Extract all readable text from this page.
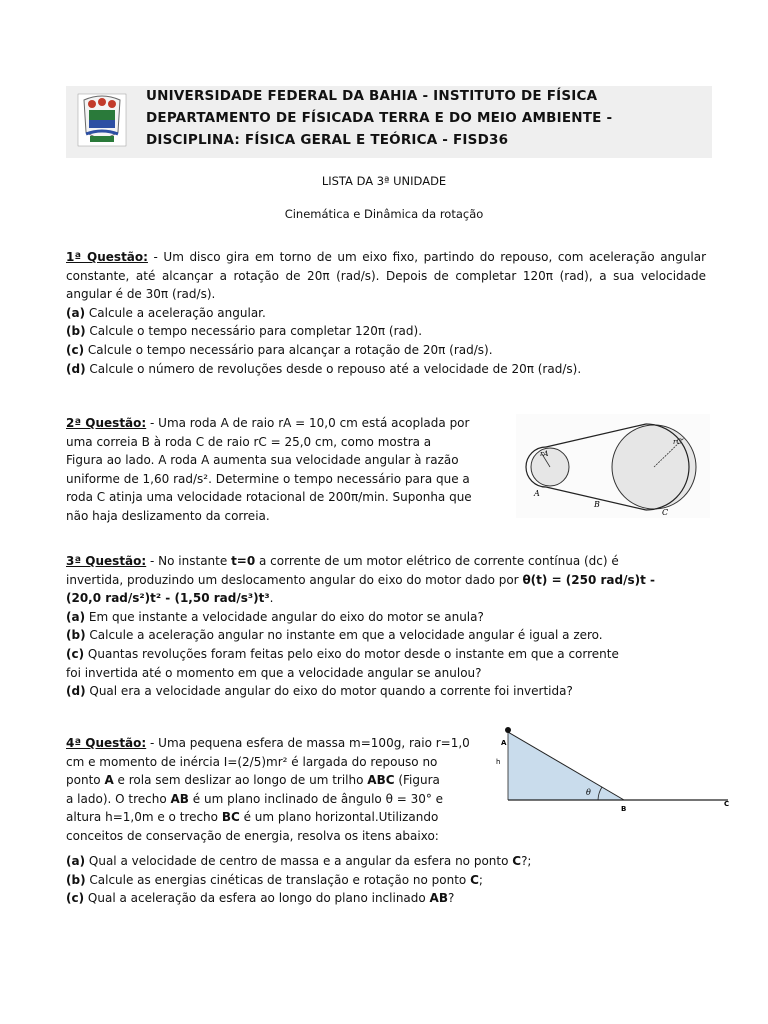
UNIVERSIDADE FEDERAL DA BAHIA - INSTITUTO DE FÍSICA
DEPARTAMENTO DE FÍSICADA TERRA E DO MEIO AMBIENTE -
DISCIPLINA: FÍSICA GERAL E TEÓRICA - FISD36
LISTA DA 3ª UNIDADE
Cinemática e Dinâmica da rotação
1ª Questão: - Um disco gira em torno de um eixo fixo, partindo do repouso, com aceleração angular constante, até alcançar a rotação de 20π (rad/s). Depois de completar 120π (rad), a sua velocidade angular é de 30π (rad/s).
(a) Calcule a aceleração angular.
(b) Calcule o tempo necessário para completar 120π (rad).
(c) Calcule o tempo necessário para alcançar a rotação de 20π (rad/s).
(d) Calcule o número de revoluções desde o repouso até a velocidade de 20π (rad/s).
2ª Questão: - Uma roda A de raio rA = 10,0 cm está acoplada por
uma correia B à roda C de raio rC = 25,0 cm, como mostra a
Figura ao lado. A roda A aumenta sua velocidade angular à razão
uniforme de 1,60 rad/s². Determine o tempo necessário para que a
roda C atinja uma velocidade rotacional de 200π/min. Suponha que
não haja deslizamento da correia.
rA
rC
A
B
C
3ª Questão: - No instante t=0 a corrente de um motor elétrico de corrente contínua (dc) é
invertida, produzindo um deslocamento angular do eixo do motor dado por θ(t) = (250 rad/s)t -
(20,0 rad/s²)t² - (1,50 rad/s³)t³.
(a) Em que instante a velocidade angular do eixo do motor se anula?
(b) Calcule a aceleração angular no instante em que a velocidade angular é igual a zero.
(c) Quantas revoluções foram feitas pelo eixo do motor desde o instante em que a corrente
foi invertida até o momento em que a velocidade angular se anulou?
(d) Qual era a velocidade angular do eixo do motor quando a corrente foi invertida?
4ª Questão: - Uma pequena esfera de massa m=100g, raio r=1,0
cm e momento de inércia I=(2/5)mr² é largada do repouso no
ponto A e rola sem deslizar ao longo de um trilho ABC (Figura
a lado). O trecho AB é um plano inclinado de ângulo θ = 30° e
altura h=1,0m e o trecho BC é um plano horizontal.Utilizando
conceitos de conservação de energia, resolva os itens abaixo:
(a) Qual a velocidade de centro de massa e a angular da esfera no ponto C?;
(b) Calcule as energias cinéticas de translação e rotação no ponto C;
(c) Qual a aceleração da esfera ao longo do plano inclinado AB?
A
h
θ
B
C
